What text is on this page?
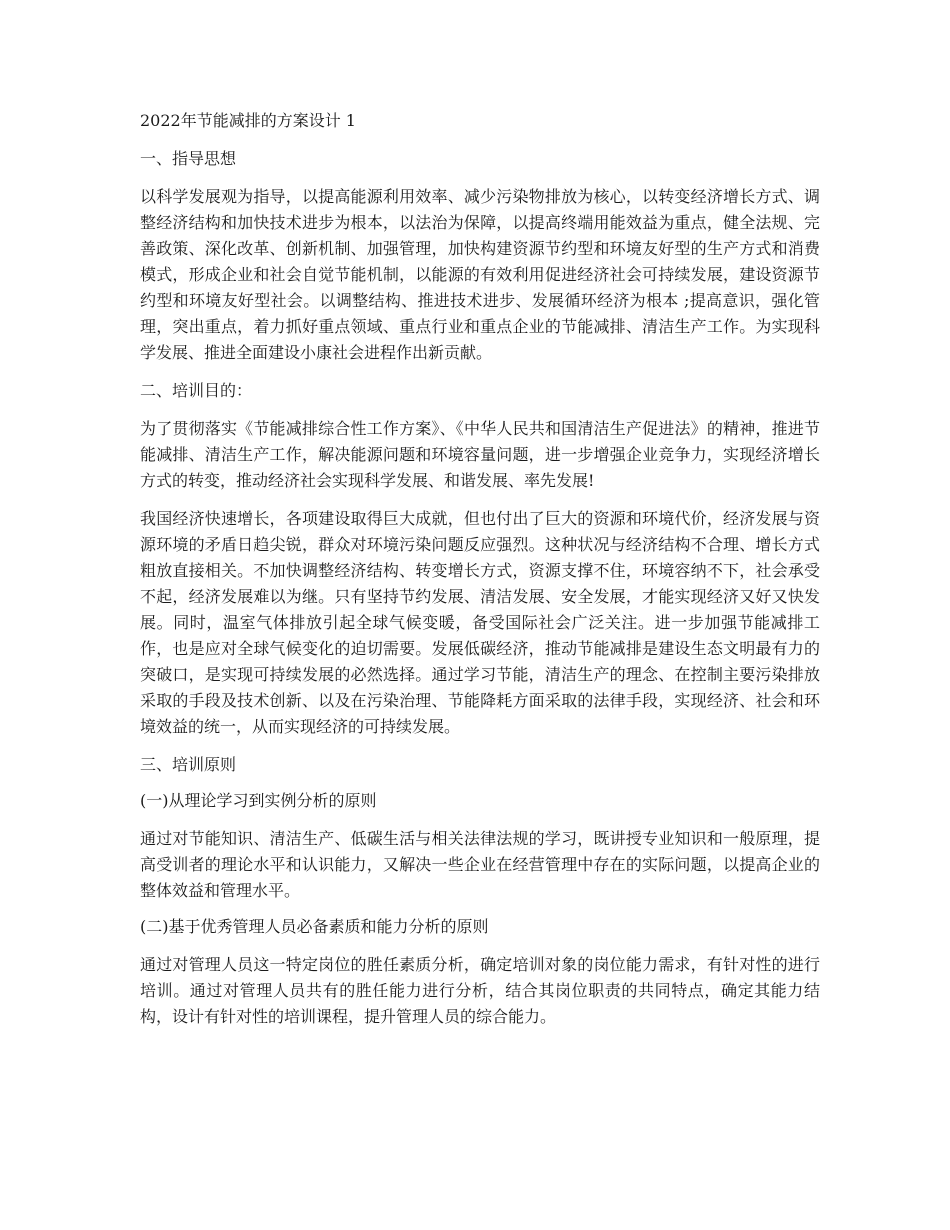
2022年节能减排的方案设计 1

一、指导思想

以科学发展观为指导，以提高能源利用效率、减少污染物排放为核心，以转变经济增长方式、调整经济结构和加快技术进步为根本，以法治为保障，以提高终端用能效益为重点，健全法规、完善政策、深化改革、创新机制、加强管理，加快构建资源节约型和环境友好型的生产方式和消费模式，形成企业和社会自觉节能机制，以能源的有效利用促进经济社会可持续发展，建设资源节约型和环境友好型社会。以调整结构、推进技术进步、发展循环经济为根本 ;提高意识，强化管理，突出重点，着力抓好重点领域、重点行业和重点企业的节能减排、清洁生产工作。为实现科学发展、推进全面建设小康社会进程作出新贡献。

二、培训目的：

为了贯彻落实《节能减排综合性工作方案》、《中华人民共和国清洁生产促进法》的精神，推进节能减排、清洁生产工作，解决能源问题和环境容量问题，进一步增强企业竞争力，实现经济增长方式的转变，推动经济社会实现科学发展、和谐发展、率先发展!

我国经济快速增长，各项建设取得巨大成就，但也付出了巨大的资源和环境代价，经济发展与资源环境的矛盾日趋尖锐，群众对环境污染问题反应强烈。这种状况与经济结构不合理、增长方式粗放直接相关。不加快调整经济结构、转变增长方式，资源支撑不住，环境容纳不下，社会承受不起，经济发展难以为继。只有坚持节约发展、清洁发展、安全发展，才能实现经济又好又快发展。同时，温室气体排放引起全球气候变暖，备受国际社会广泛关注。进一步加强节能减排工作，也是应对全球气候变化的迫切需要。发展低碳经济，推动节能减排是建设生态文明最有力的突破口，是实现可持续发展的必然选择。通过学习节能，清洁生产的理念、在控制主要污染排放采取的手段及技术创新、以及在污染治理、节能降耗方面采取的法律手段，实现经济、社会和环境效益的统一，从而实现经济的可持续发展。

三、培训原则

(一)从理论学习到实例分析的原则

通过对节能知识、清洁生产、低碳生活与相关法律法规的学习，既讲授专业知识和一般原理，提高受训者的理论水平和认识能力，又解决一些企业在经营管理中存在的实际问题，以提高企业的整体效益和管理水平。

(二)基于优秀管理人员必备素质和能力分析的原则

通过对管理人员这一特定岗位的胜任素质分析，确定培训对象的岗位能力需求，有针对性的进行培训。通过对管理人员共有的胜任能力进行分析，结合其岗位职责的共同特点，确定其能力结构，设计有针对性的培训课程，提升管理人员的综合能力。
